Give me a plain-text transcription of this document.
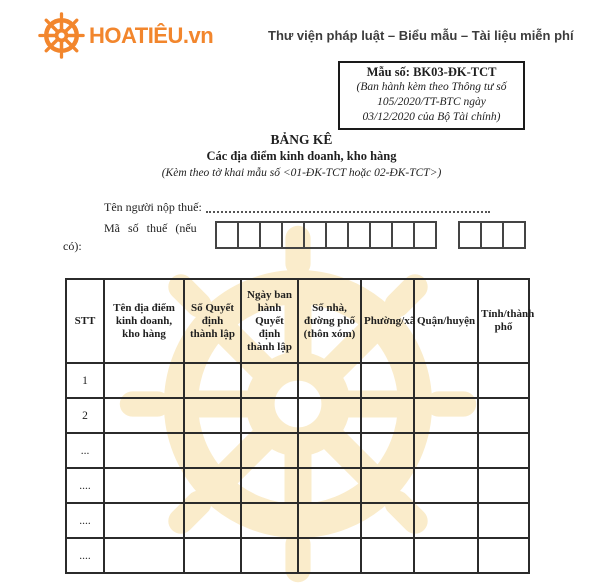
HOATIÊU.vn	Thư viện pháp luật – Biểu mẫu – Tài liệu miễn phí
Mẫu số: BK03-ĐK-TCT
(Ban hành kèm theo Thông tư số
105/2020/TT-BTC ngày
03/12/2020 của Bộ Tài chính)
BẢNG KÊ
Các địa điểm kinh doanh, kho hàng
(Kèm theo tờ khai mẫu số <01-ĐK-TCT hoặc 02-ĐK-TCT>)
Tên người nộp thuế:
Mã số thuế (nếu
có):
STT	Tên địa điểm kinh doanh, kho hàng	Số Quyết định thành lập	Ngày ban hành Quyết định thành lập	Số nhà, đường phố (thôn xóm)	Phường/xã	Quận/huyện	Tỉnh/thành phố
1							
2							
...							
....							
....							
....							
